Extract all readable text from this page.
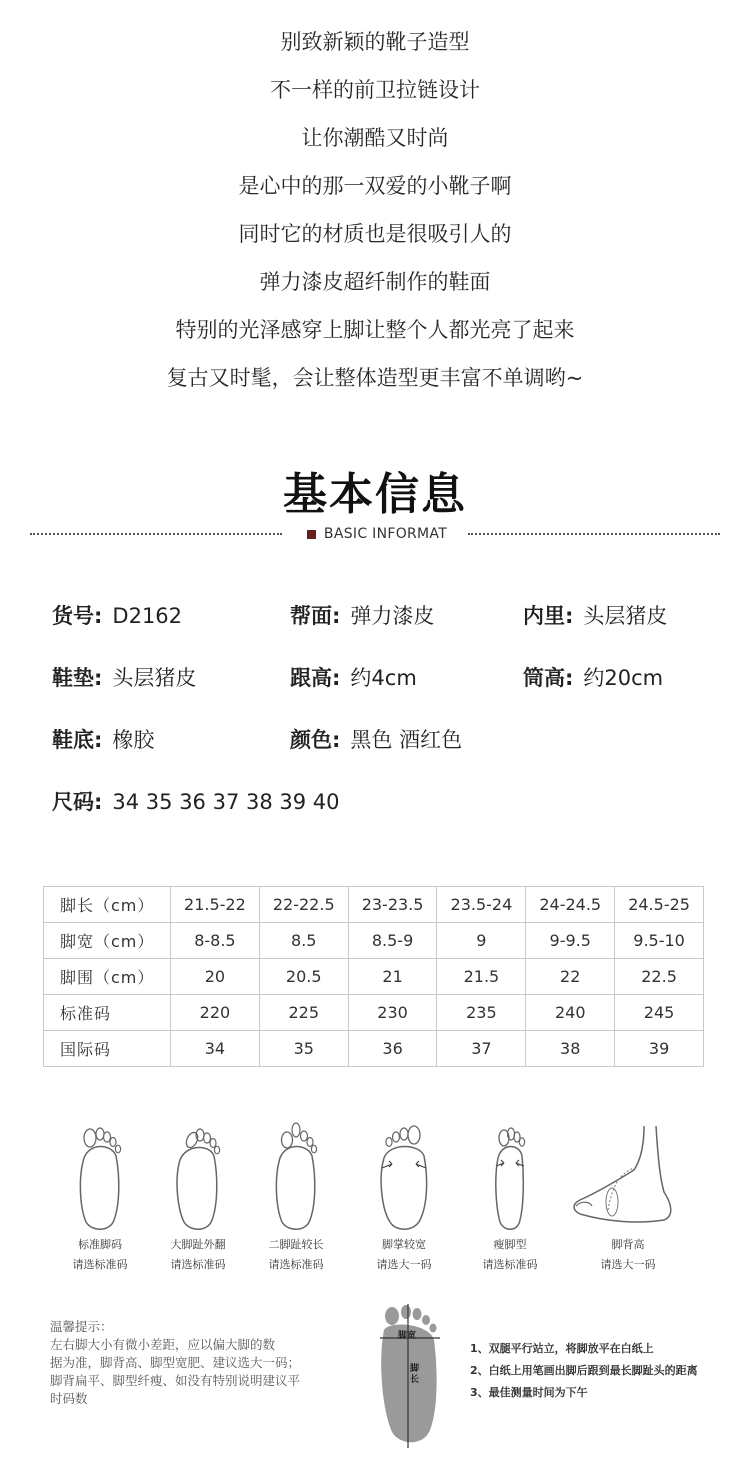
别致新颖的靴子造型
不一样的前卫拉链设计
让你潮酷又时尚
是心中的那一双爱的小靴子啊
同时它的材质也是很吸引人的
弹力漆皮超纤制作的鞋面
特别的光泽感穿上脚让整个人都光亮了起来
复古又时髦，会让整体造型更丰富不单调哟~
基本信息
BASIC INFORMAT
货号: D2162	帮面: 弹力漆皮	内里: 头层猪皮
鞋垫: 头层猪皮	跟高: 约4cm	筒高: 约20cm
鞋底: 橡胶	颜色: 黑色 酒红色
尺码: 34 35 36 37 38 39 40
脚长（cm）	21.5-22	22-22.5	23-23.5	23.5-24	24-24.5	24.5-25
脚宽（cm）	8-8.5	8.5	8.5-9	9	9-9.5	9.5-10
脚围（cm）	20	20.5	21	21.5	22	22.5
标准码	220	225	230	235	240	245
国际码	34	35	36	37	38	39
标准脚码
请选标准码
大脚趾外翻
请选标准码
二脚趾较长
请选标准码
脚掌较宽
请选大一码
瘦脚型
请选标准码
脚背高
请选大一码
温馨提示：
左右脚大小有微小差距，应以偏大脚的数
据为准，脚背高、脚型宽肥、建议选大一码；
脚背扁平、脚型纤瘦、如没有特别说明建议平
时码数
脚宽
脚长
1、双腿平行站立，将脚放平在白纸上
2、白纸上用笔画出脚后跟到最长脚趾头的距离
3、最佳测量时间为下午
